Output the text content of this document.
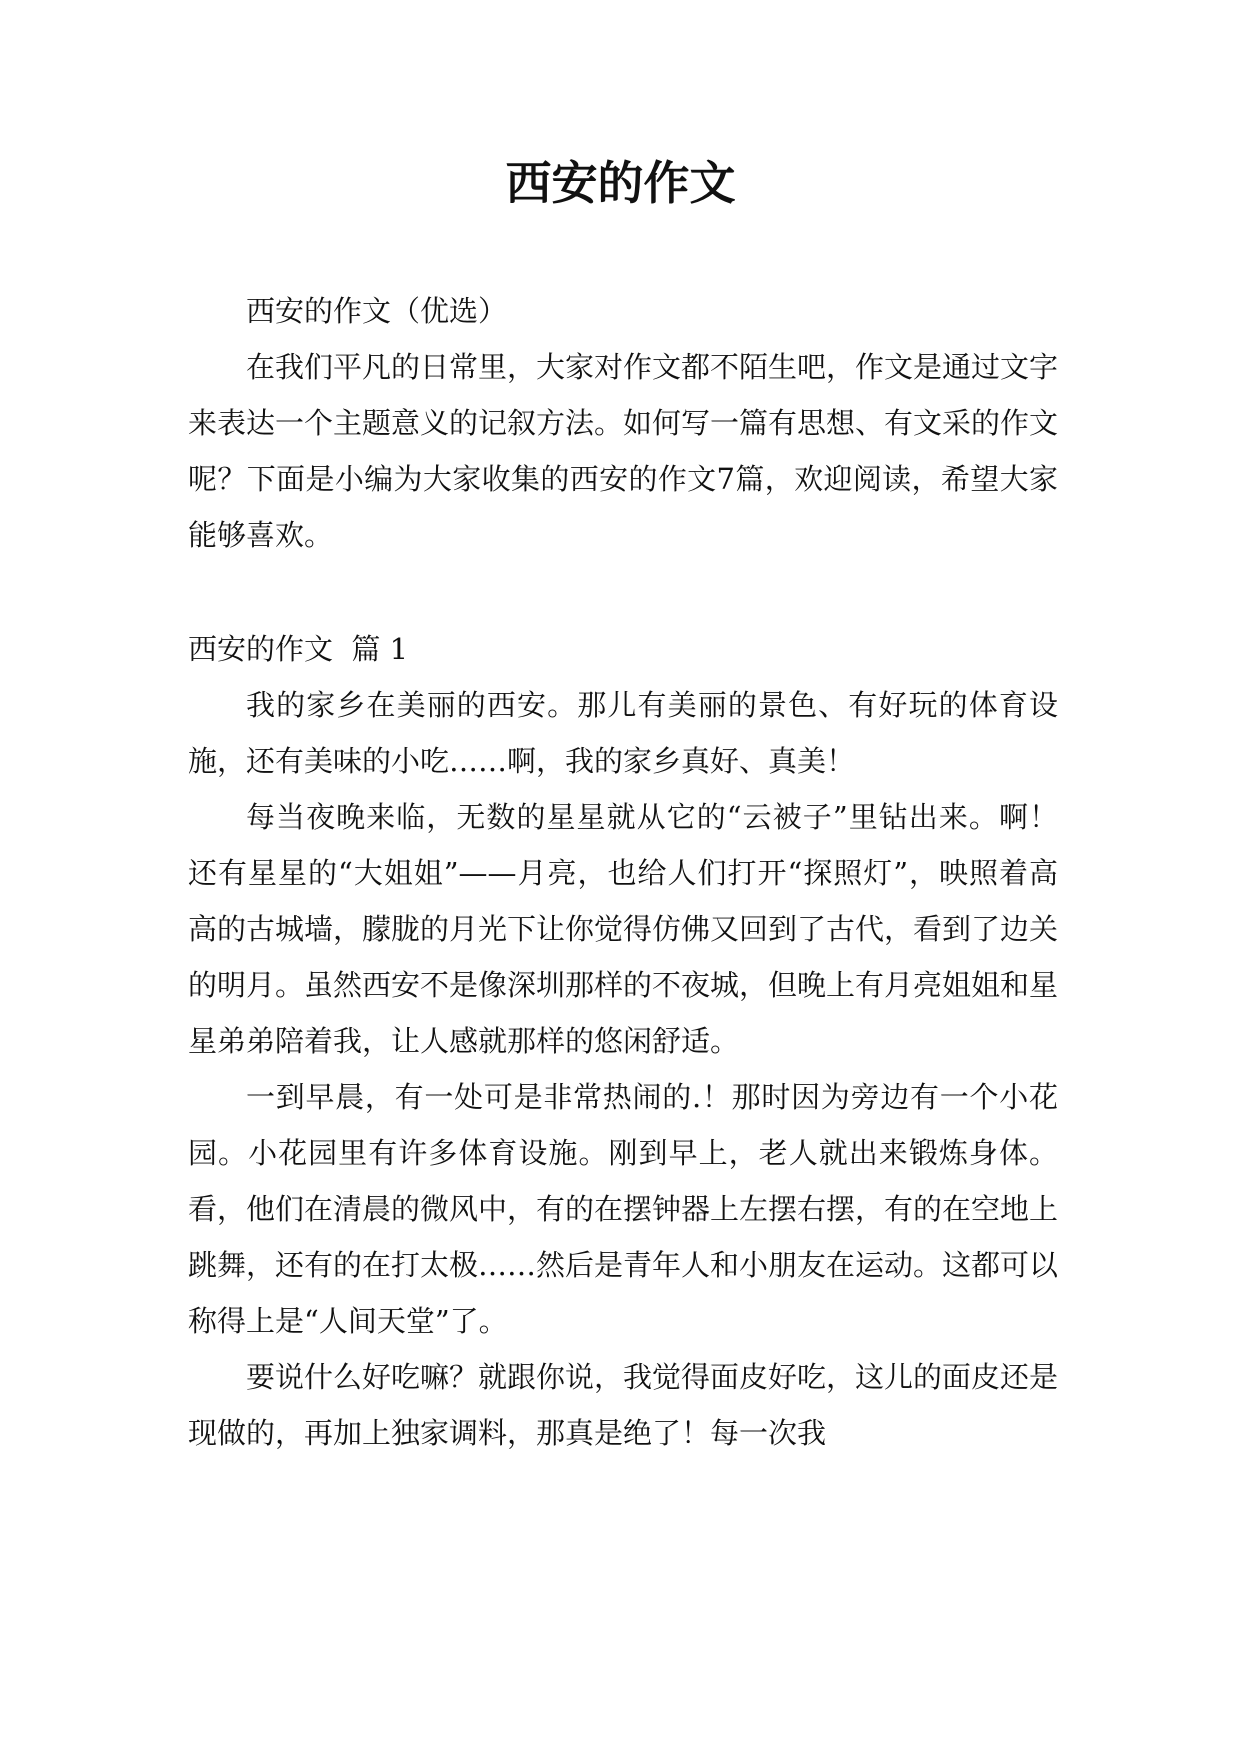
西安的作文

西安的作文（优选）

在我们平凡的日常里，大家对作文都不陌生吧，作文是通过文字来表达一个主题意义的记叙方法。如何写一篇有思想、有文采的作文呢？下面是小编为大家收集的西安的作文7篇，欢迎阅读，希望大家能够喜欢。

西安的作文  篇 1

我的家乡在美丽的西安。那儿有美丽的景色、有好玩的体育设施，还有美味的小吃……啊，我的家乡真好、真美！

每当夜晚来临，无数的星星就从它的“云被子”里钻出来。啊！还有星星的“大姐姐”——月亮，也给人们打开“探照灯”，映照着高高的古城墙，朦胧的月光下让你觉得仿佛又回到了古代，看到了边关的明月。虽然西安不是像深圳那样的不夜城，但晚上有月亮姐姐和星星弟弟陪着我，让人感就那样的悠闲舒适。

一到早晨，有一处可是非常热闹的.！那时因为旁边有一个小花园。小花园里有许多体育设施。刚到早上，老人就出来锻炼身体。看，他们在清晨的微风中，有的在摆钟器上左摆右摆，有的在空地上跳舞，还有的在打太极……然后是青年人和小朋友在运动。这都可以称得上是“人间天堂”了。

要说什么好吃嘛？就跟你说，我觉得面皮好吃，这儿的面皮还是现做的，再加上独家调料，那真是绝了！每一次我
